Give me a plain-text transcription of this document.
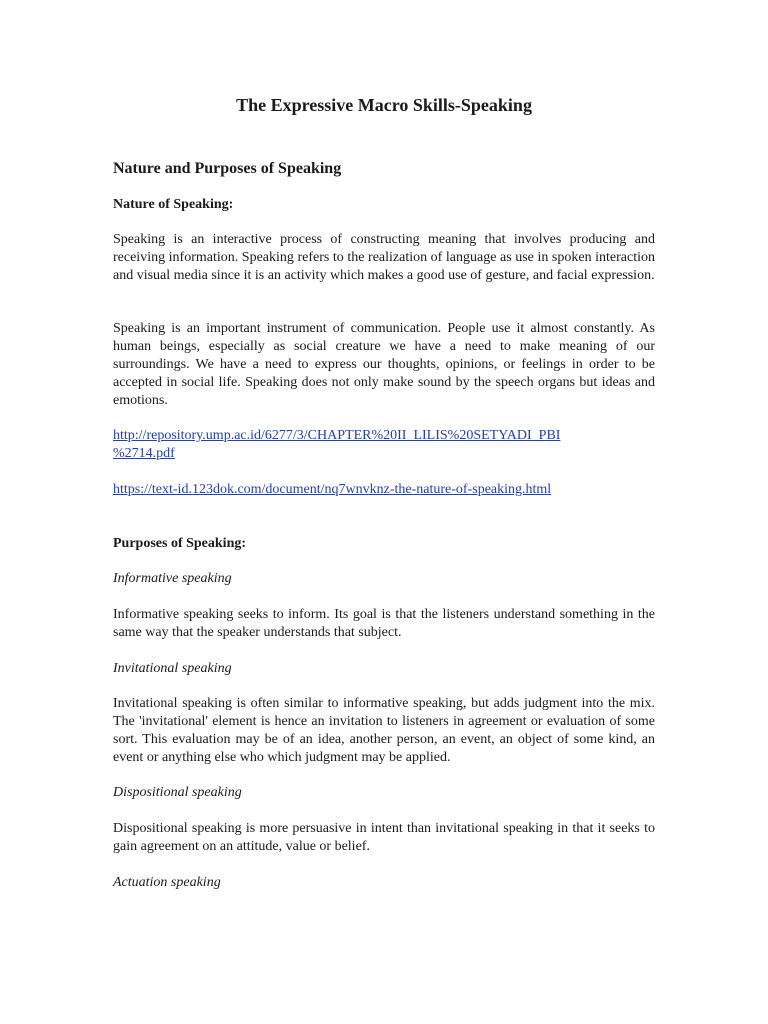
The Expressive Macro Skills-Speaking
Nature and Purposes of Speaking
Nature of Speaking:

Speaking is an interactive process of constructing meaning that involves producing and receiving information. Speaking refers to the realization of language as use in spoken interaction and visual media since it is an activity which makes a good use of gesture, and facial expression.

Speaking is an important instrument of communication. People use it almost constantly. As human beings, especially as social creature we have a need to make meaning of our surroundings. We have a need to express our thoughts, opinions, or feelings in order to be accepted in social life. Speaking does not only make sound by the speech organs but ideas and emotions.

http://repository.ump.ac.id/6277/3/CHAPTER%20II_LILIS%20SETYADI_PBI
%2714.pdf
https://text-id.123dok.com/document/nq7wnvknz-the-nature-of-speaking.html
Purposes of Speaking:

Informative speaking

Informative speaking seeks to inform. Its goal is that the listeners understand something in the same way that the speaker understands that subject.

Invitational speaking

Invitational speaking is often similar to informative speaking, but adds judgment into the mix. The 'invitational' element is hence an invitation to listeners in agreement or evaluation of some sort. This evaluation may be of an idea, another person, an event, an object of some kind, an event or anything else who which judgment may be applied.

Dispositional speaking

Dispositional speaking is more persuasive in intent than invitational speaking in that it seeks to gain agreement on an attitude, value or belief.

Actuation speaking
